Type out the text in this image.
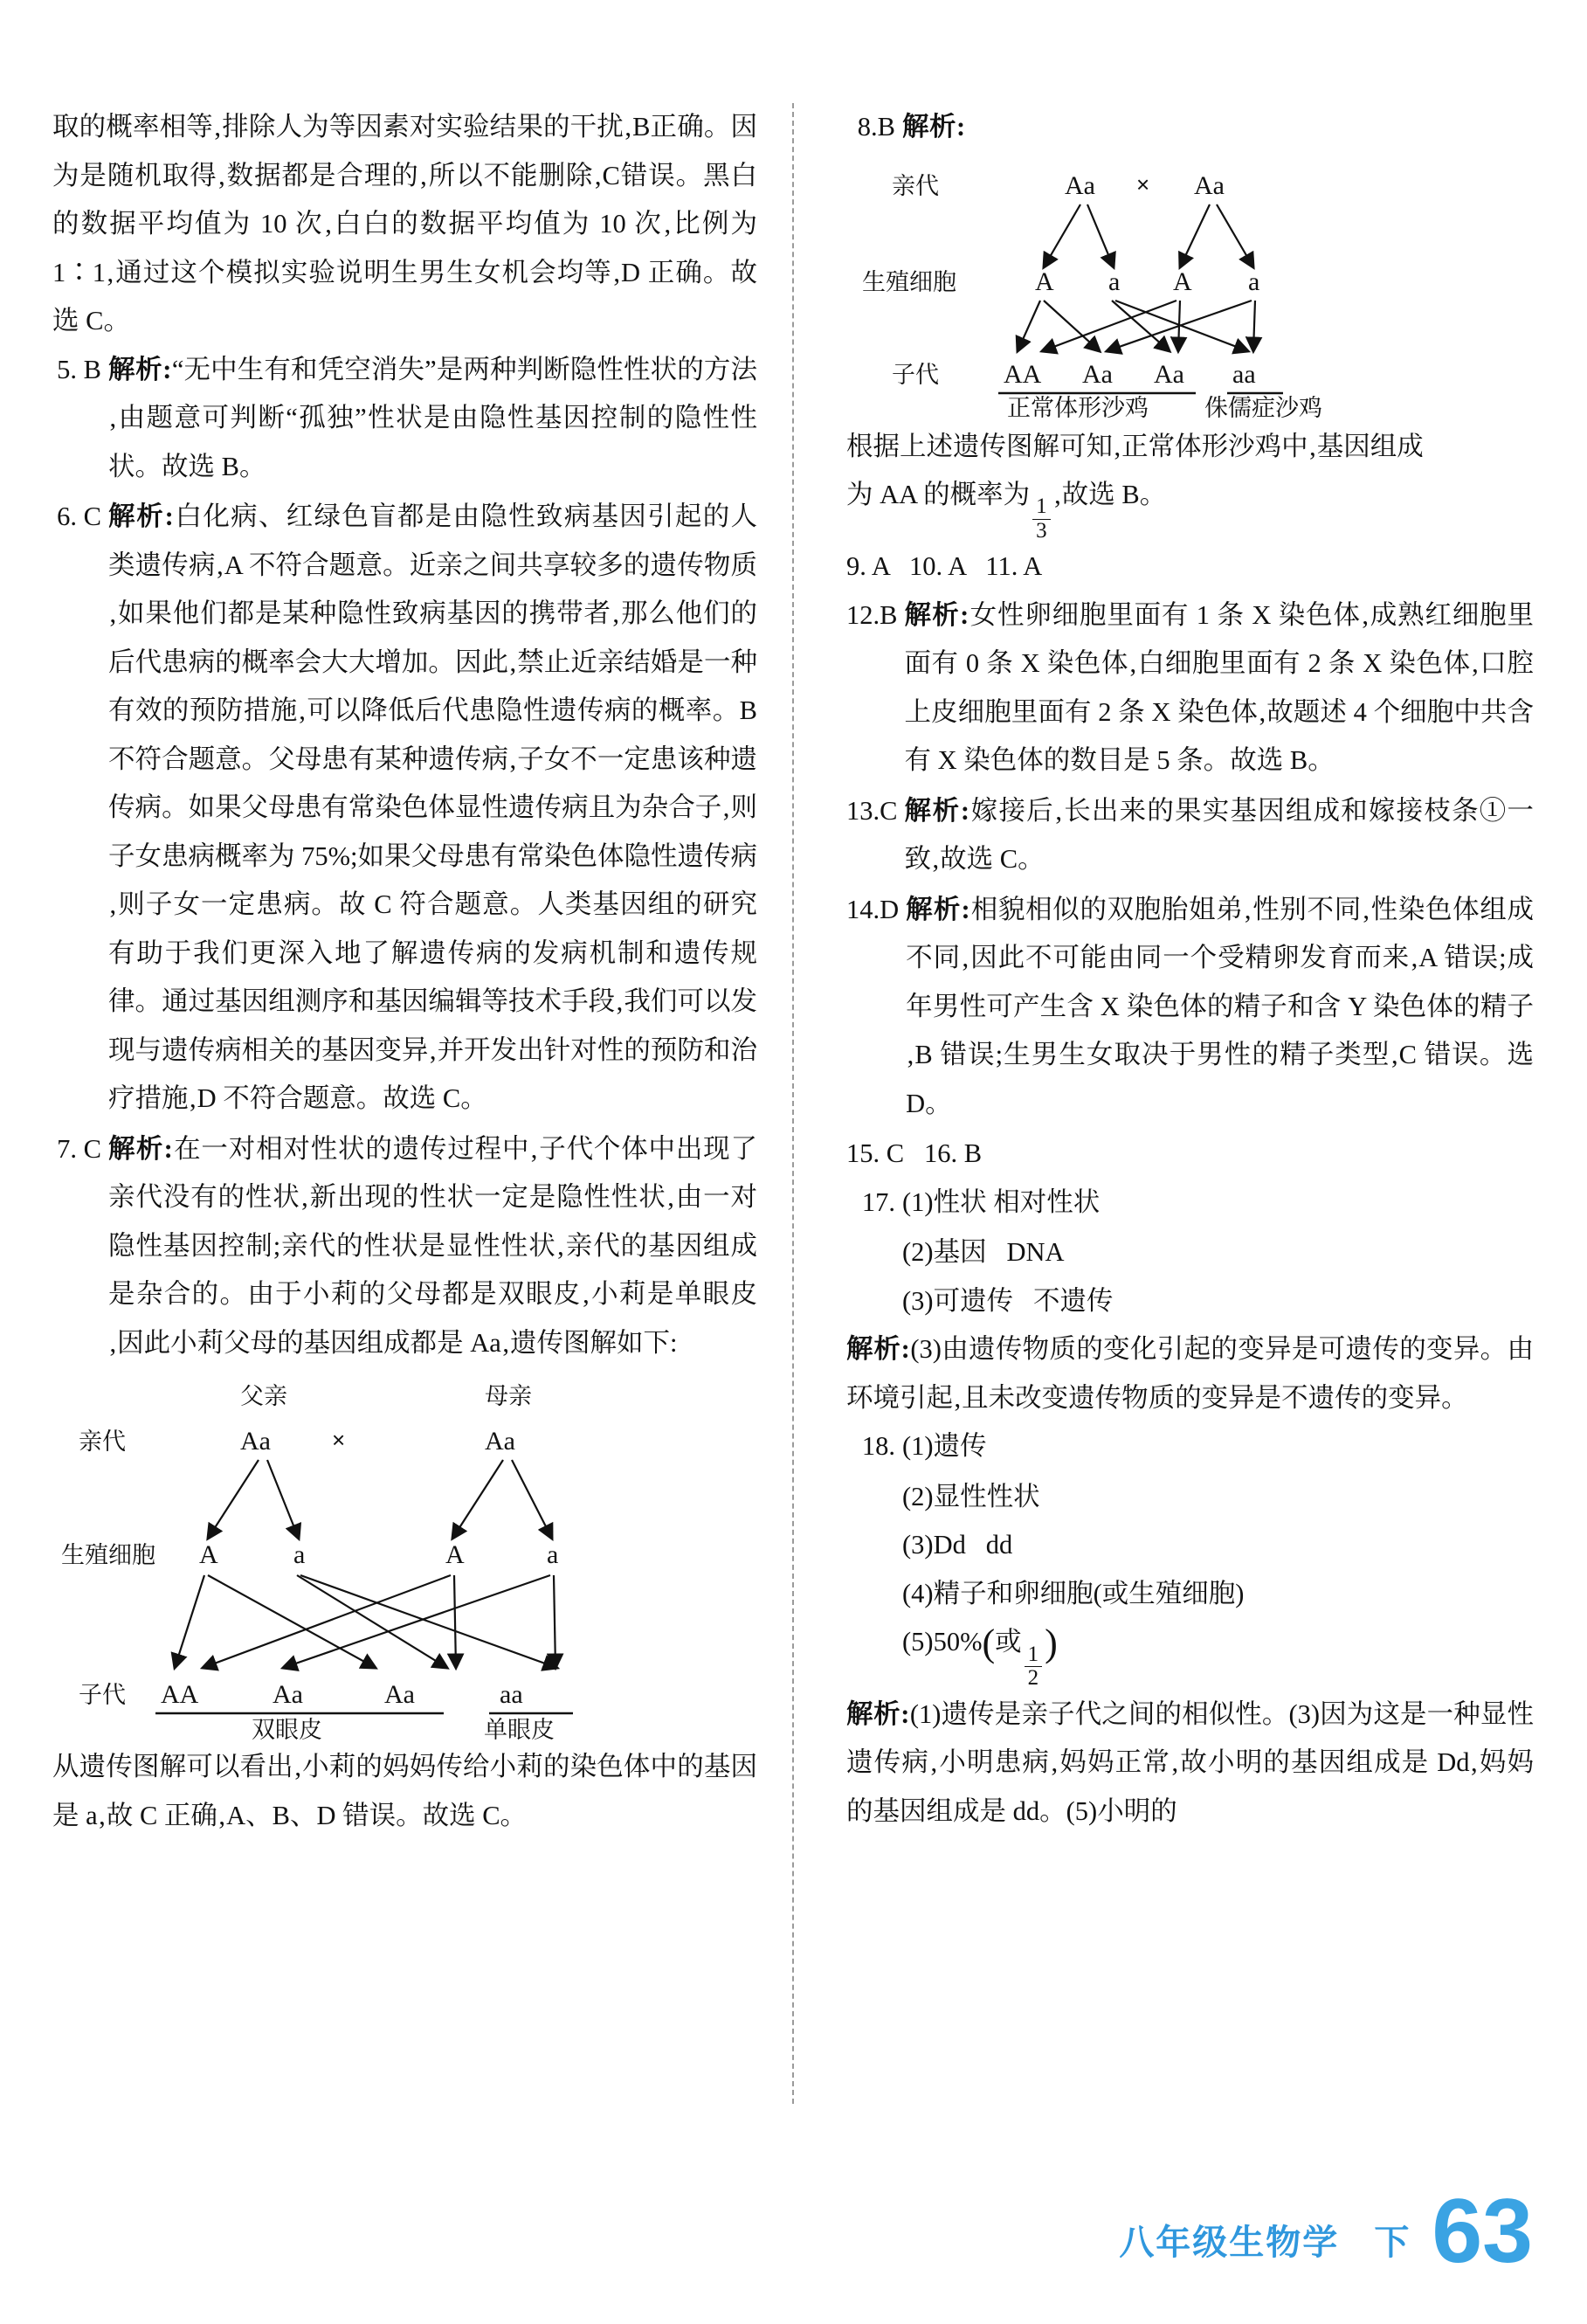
取的概率相等‚排除人为等因素对实验结果的干扰‚B正确。因为是随机取得‚数据都是合理的‚所以不能删除‚C错误。黑白的数据平均值为 10 次‚白白的数据平均值为 10 次‚比例为 1∶1‚通过这个模拟实验说明生男生女机会均等‚D 正确。故选 C。

5. B 解析:“无中生有和凭空消失”是两种判断隐性性状的方法‚由题意可判断“孤独”性状是由隐性基因控制的隐性性状。故选 B。
6. C 解析:白化病、红绿色盲都是由隐性致病基因引起的人类遗传病‚A 不符合题意。近亲之间共享较多的遗传物质‚如果他们都是某种隐性致病基因的携带者‚那么他们的后代患病的概率会大大增加。因此‚禁止近亲结婚是一种有效的预防措施‚可以降低后代患隐性遗传病的概率。B 不符合题意。父母患有某种遗传病‚子女不一定患该种遗传病。如果父母患有常染色体显性遗传病且为杂合子‚则子女患病概率为 75%;如果父母患有常染色体隐性遗传病‚则子女一定患病。故 C 符合题意。人类基因组的研究有助于我们更深入地了解遗传病的发病机制和遗传规律。通过基因组测序和基因编辑等技术手段‚我们可以发现与遗传病相关的基因变异‚并开发出针对性的预防和治疗措施‚D 不符合题意。故选 C。
7. C 解析:在一对相对性状的遗传过程中‚子代个体中出现了亲代没有的性状‚新出现的性状一定是隐性性状‚由一对隐性基因控制;亲代的性状是显性性状‚亲代的基因组成是杂合的。由于小莉的父母都是双眼皮‚小莉是单眼皮‚因此小莉父母的基因组成都是 Aa‚遗传图解如下:
父亲	母亲
亲代
生殖细胞
子代
Aa	×	Aa
A	a	A	a
AA	Aa	Aa	aa
双眼皮	单眼皮

从遗传图解可以看出‚小莉的妈妈传给小莉的染色体中的基因是 a‚故 C 正确‚A、B、D 错误。故选 C。

8.B 解析:
亲代
生殖细胞
子代
Aa × Aa
A a A a
AA Aa Aa aa
正常体形沙鸡 侏儒症沙鸡

根据上述遗传图解可知‚正常体形沙鸡中‚基因组成

为 AA 的概率为
$\frac{1}{3}$
‚故选 B。

9. A   10. A   11. A
12.B 解析:女性卵细胞里面有 1 条 X 染色体‚成熟红细胞里面有 0 条 X 染色体‚白细胞里面有 2 条 X 染色体‚口腔上皮细胞里面有 2 条 X 染色体‚故题述 4 个细胞中共含有 X 染色体的数目是 5 条。故选 B。
13.C 解析:嫁接后‚长出来的果实基因组成和嫁接枝条①一致‚故选 C。
14.D 解析:相貌相似的双胞胎姐弟‚性别不同‚性染色体组成不同‚因此不可能由同一个受精卵发育而来‚A 错误;成年男性可产生含 X 染色体的精子和含 Y 染色体的精子‚B 错误;生男生女取决于男性的精子类型‚C 错误。选 D。
15. C   16. B
17. (1)性状 相对性状
(2)基因   DNA
(3)可遗传   不遗传

解析:(3)由遗传物质的变化引起的变异是可遗传的变异。由环境引起‚且未改变遗传物质的变异是不遗传的变异。

18. (1)遗传
(2)显性性状
(3)Dd   dd
(4)精子和卵细胞(或生殖细胞)
(5)50%(或
$\frac{1}{2}$ )

解析:(1)遗传是亲子代之间的相似性。(3)因为这是一种显性遗传病‚小明患病‚妈妈正常‚故小明的基因组成是 Dd‚妈妈的基因组成是 dd。(5)小明的

八年级生物学	下 63
